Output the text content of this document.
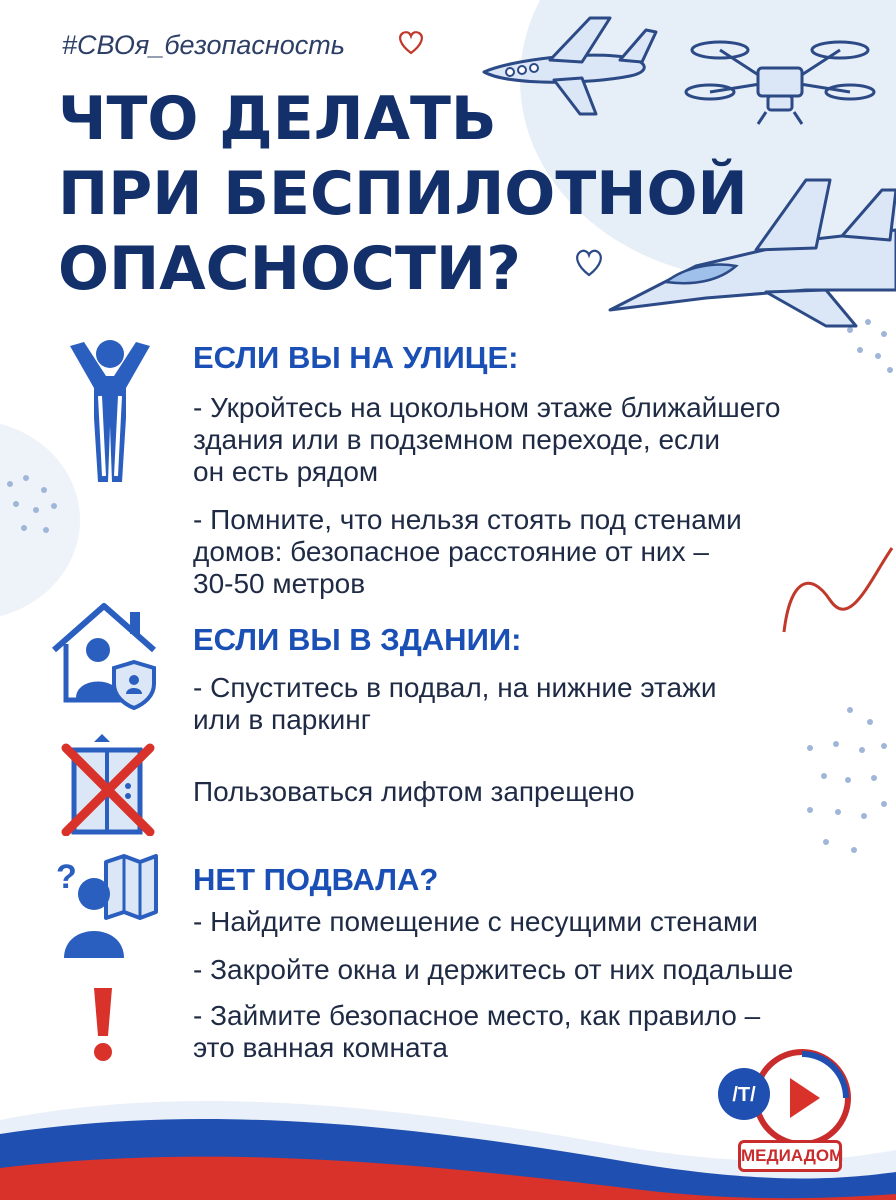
#СВОя_безопасность
ЧТО ДЕЛАТЬ
ПРИ БЕСПИЛОТНОЙ
ОПАСНОСТИ?
ЕСЛИ ВЫ НА УЛИЦЕ:

- Укройтесь на цокольном этаже ближайшего

здания или в подземном переходе, если

он есть рядом

- Помните, что нельзя стоять под стенами

домов: безопасное расстояние от них –

30-50 метров

ЕСЛИ ВЫ В ЗДАНИИ:

- Спуститесь в подвал, на нижние этажи

или в паркинг

Пользоваться лифтом запрещено

?	НЕТ ПОДВАЛА?

- Найдите помещение с несущими стенами

- Закройте окна и держитесь от них подальше

- Займите безопасное место, как правило –

это ванная комната

/Т/
МЕДИАДОМ
